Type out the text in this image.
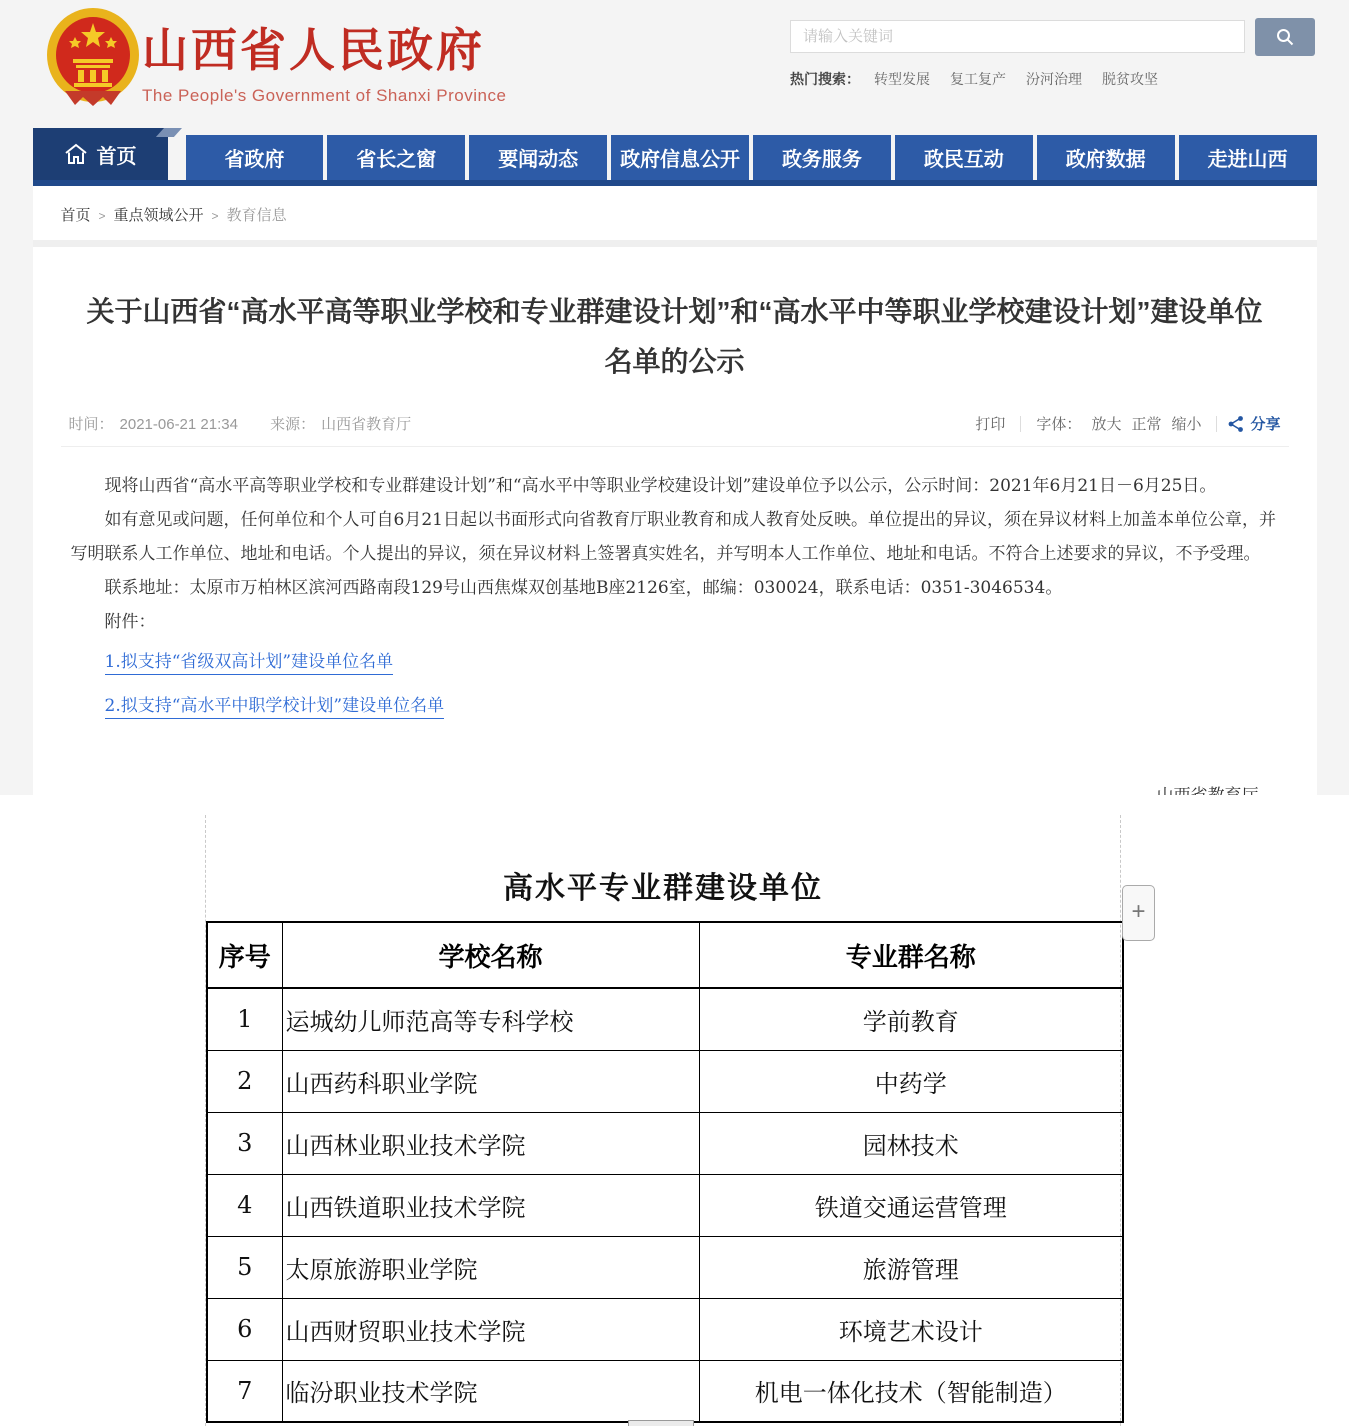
山西省人民政府
The People's Government of Shanxi Province
请输入关键词
热门搜索： 转型发展 复工复产 汾河治理 脱贫攻坚
首页	省政府	省长之窗	要闻动态	政府信息公开	政务服务	政民互动	政府数据	走进山西
首页 > 重点领域公开 > 教育信息
关于山西省“高水平高等职业学校和专业群建设计划”和“高水平中等职业学校建设计划”建设单位名单的公示
时间： 2021-06-21 21:34 来源： 山西省教育厅	打印 字体： 放大 正常 缩小	分享

现将山西省“高水平高等职业学校和专业群建设计划”和“高水平中等职业学校建设计划”建设单位予以公示，公示时间：2021年6月21日－6月25日。

如有意见或问题，任何单位和个人可自6月21日起以书面形式向省教育厅职业教育和成人教育处反映。单位提出的异议，须在异议材料上加盖本单位公章，并写明联系人工作单位、地址和电话。个人提出的异议，须在异议材料上签署真实姓名，并写明本人工作单位、地址和电话。不符合上述要求的异议，不予受理。

联系地址：太原市万柏林区滨河西路南段129号山西焦煤双创基地B座2126室，邮编：030024，联系电话：0351-3046534。

附件：

1.拟支持“省级双高计划”建设单位名单
2.拟支持“高水平中职学校计划”建设单位名单
高水平专业群建设单位
序号	学校名称	专业群名称
1	运城幼儿师范高等专科学校	学前教育
2	山西药科职业学院	中药学
3	山西林业职业技术学院	园林技术
4	山西铁道职业技术学院	铁道交通运营管理
5	太原旅游职业学院	旅游管理
6	山西财贸职业技术学院	环境艺术设计
7	临汾职业技术学院	机电一体化技术（智能制造）
+
